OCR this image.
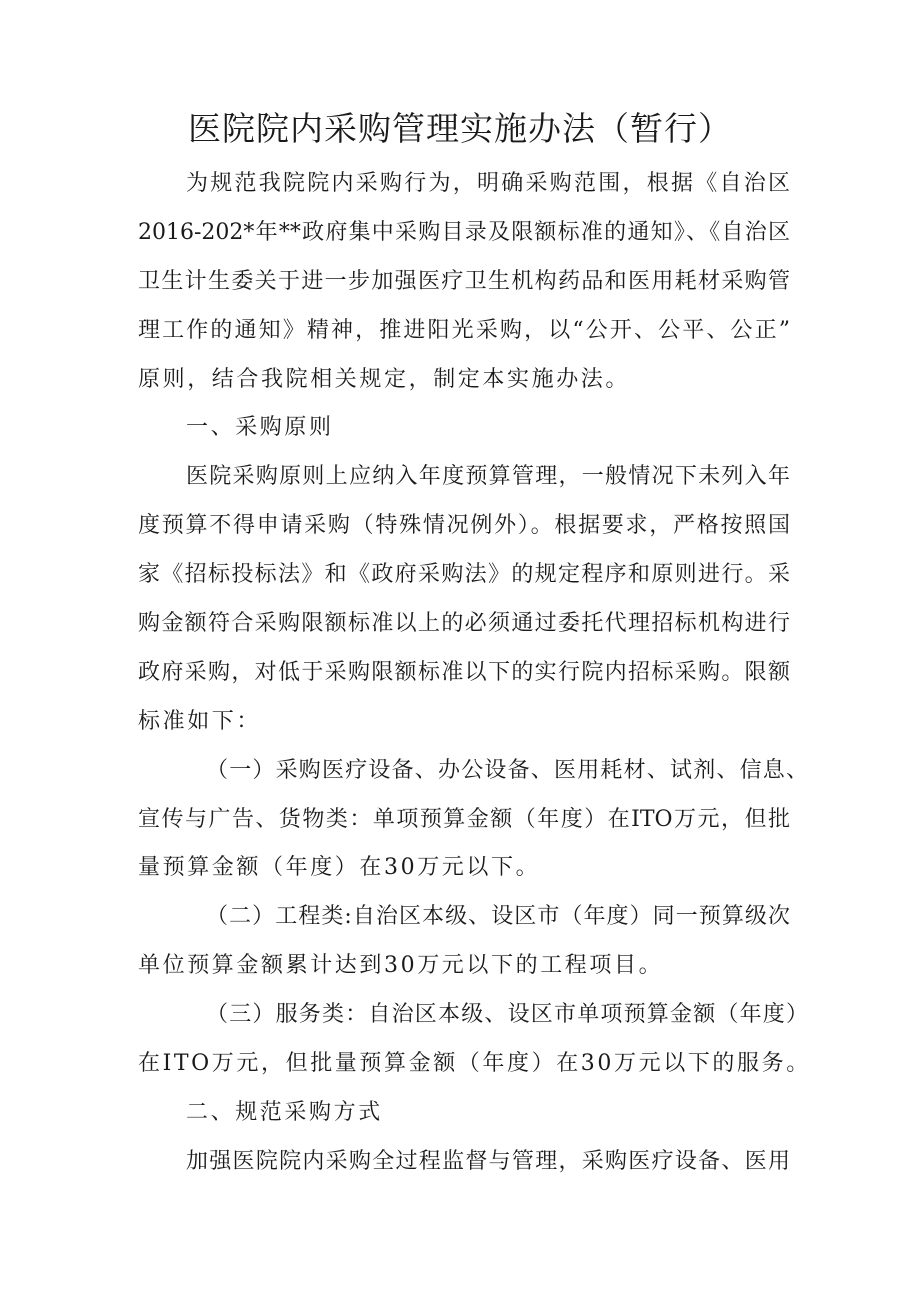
医院院内采购管理实施办法（暂行）
为规范我院院内采购行为，明确采购范围，根据《自治区
2016-202*年**政府集中采购目录及限额标准的通知》、《自治区
卫生计生委关于进一步加强医疗卫生机构药品和医用耗材采购管
理工作的通知》精神，推进阳光采购，以“公开、公平、公正”
原则，结合我院相关规定，制定本实施办法。
一、采购原则
医院采购原则上应纳入年度预算管理，一般情况下未列入年
度预算不得申请采购（特殊情况例外）。根据要求，严格按照国
家《招标投标法》和《政府采购法》的规定程序和原则进行。采
购金额符合采购限额标准以上的必须通过委托代理招标机构进行
政府采购，对低于采购限额标准以下的实行院内招标采购。限额
标准如下：
（一）采购医疗设备、办公设备、医用耗材、试剂、信息、
宣传与广告、货物类：单项预算金额（年度）在ITO万元，但批
量预算金额（年度）在30万元以下。
（二）工程类:自治区本级、设区市（年度）同一预算级次
单位预算金额累计达到30万元以下的工程项目。
（三）服务类：自治区本级、设区市单项预算金额（年度）
在ITO万元，但批量预算金额（年度）在30万元以下的服务。
二、规范采购方式
加强医院院内采购全过程监督与管理，采购医疗设备、医用
